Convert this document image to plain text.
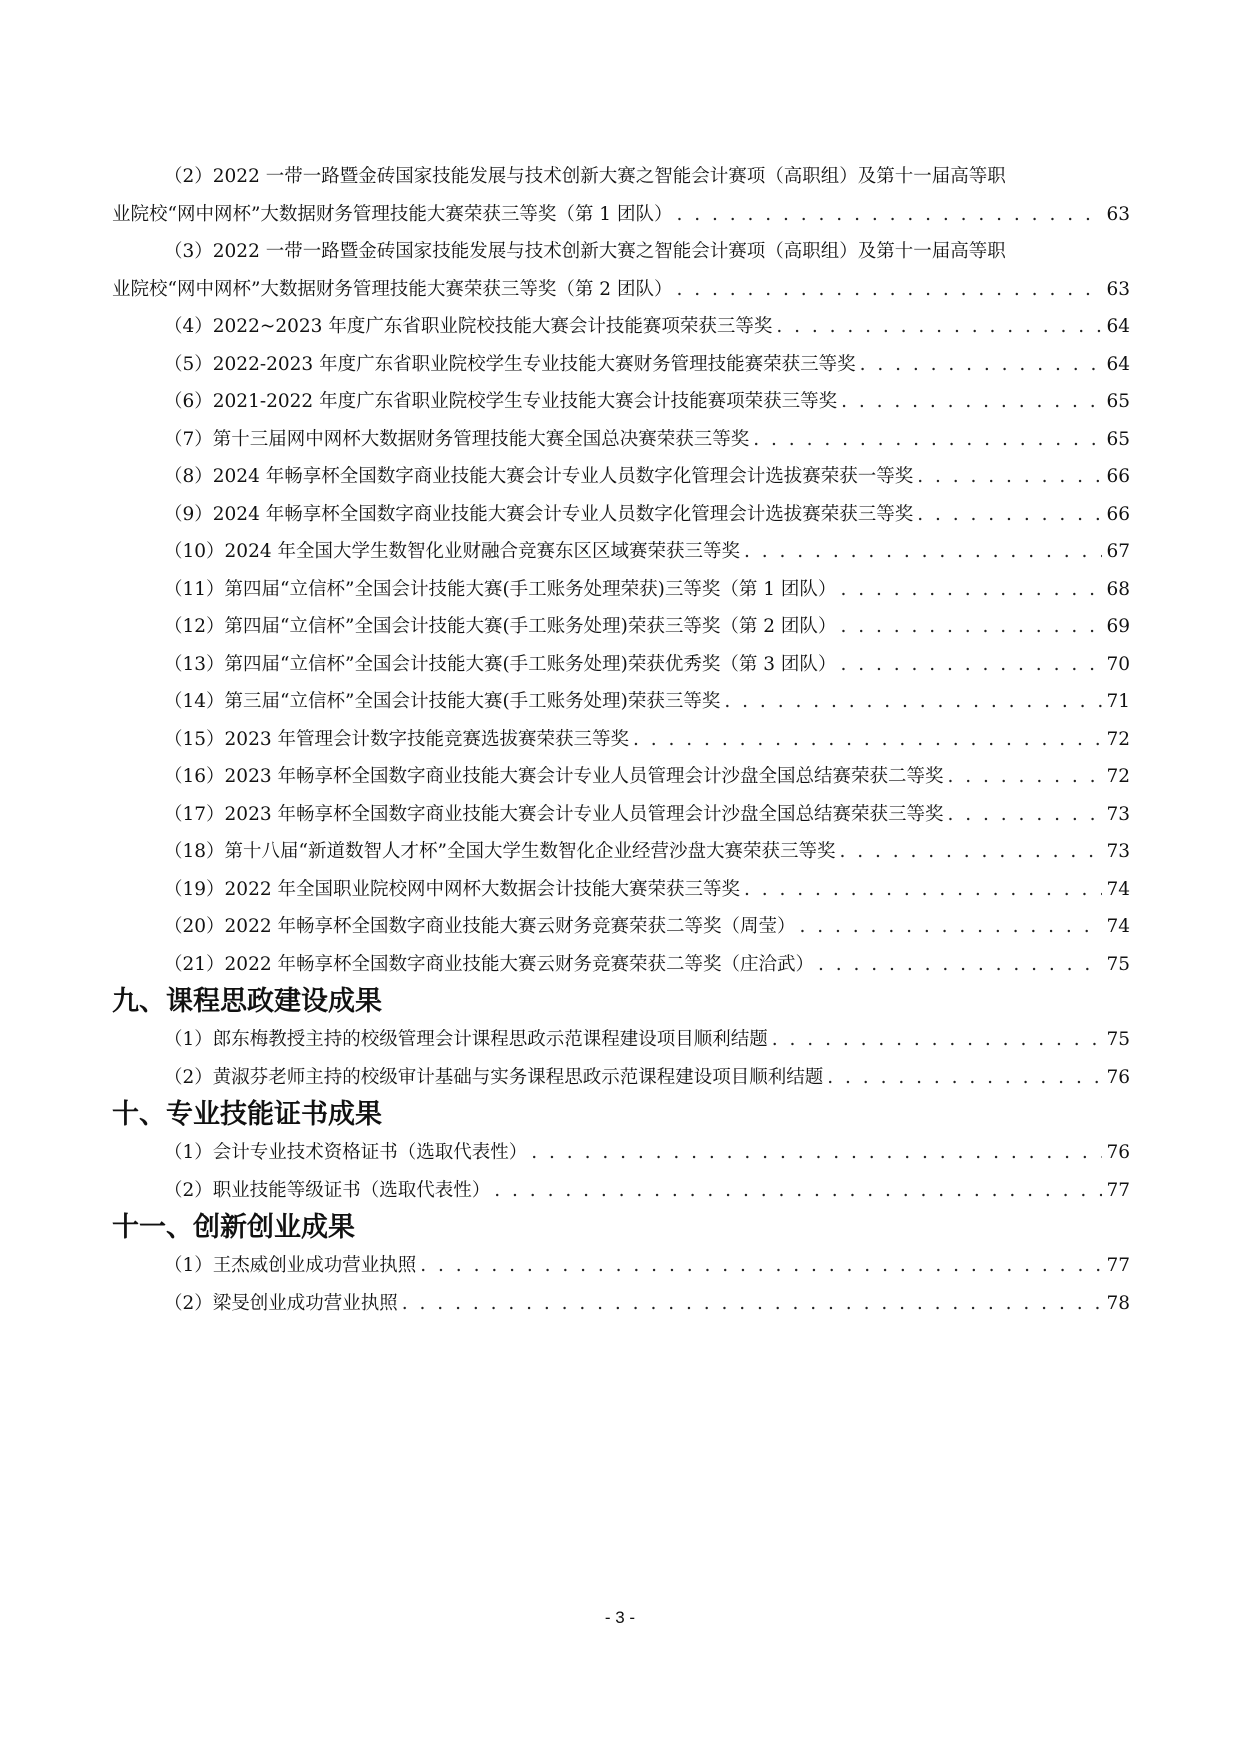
（2）2022 一带一路暨金砖国家技能发展与技术创新大赛之智能会计赛项（高职组）及第十一届高等职
业院校“网中网杯”大数据财务管理技能大赛荣获三等奖（第 1 团队） . . .	63
（3）2022 一带一路暨金砖国家技能发展与技术创新大赛之智能会计赛项（高职组）及第十一届高等职
业院校“网中网杯”大数据财务管理技能大赛荣获三等奖（第 2 团队） . . .	63
（4）2022~2023 年度广东省职业院校技能大赛会计技能赛项荣获三等奖 . . .	64
（5）2022-2023 年度广东省职业院校学生专业技能大赛财务管理技能赛荣获三等奖 . . .	64
（6）2021-2022 年度广东省职业院校学生专业技能大赛会计技能赛项荣获三等奖 . . .	65
（7）第十三届网中网杯大数据财务管理技能大赛全国总决赛荣获三等奖 . . .	65
（8）2024 年畅享杯全国数字商业技能大赛会计专业人员数字化管理会计选拔赛荣获一等奖 . . .	66
（9）2024 年畅享杯全国数字商业技能大赛会计专业人员数字化管理会计选拔赛荣获三等奖 . . .	66
（10）2024 年全国大学生数智化业财融合竞赛东区区域赛荣获三等奖 . . .	67
（11）第四届“立信杯”全国会计技能大赛(手工账务处理荣获)三等奖（第 1 团队） . . .	68
（12）第四届“立信杯”全国会计技能大赛(手工账务处理)荣获三等奖（第 2 团队） . . .	69
（13）第四届“立信杯”全国会计技能大赛(手工账务处理)荣获优秀奖（第 3 团队） . . .	70
（14）第三届“立信杯”全国会计技能大赛(手工账务处理)荣获三等奖 . . .	71
（15）2023 年管理会计数字技能竞赛选拔赛荣获三等奖 . . .	72
（16）2023 年畅享杯全国数字商业技能大赛会计专业人员管理会计沙盘全国总结赛荣获二等奖 . . .	72
（17）2023 年畅享杯全国数字商业技能大赛会计专业人员管理会计沙盘全国总结赛荣获三等奖 . . .	73
（18）第十八届“新道数智人才杯”全国大学生数智化企业经营沙盘大赛荣获三等奖 . . .	73
（19）2022 年全国职业院校网中网杯大数据会计技能大赛荣获三等奖 . . .	74
（20）2022 年畅享杯全国数字商业技能大赛云财务竞赛荣获二等奖（周莹） . . .	74
（21）2022 年畅享杯全国数字商业技能大赛云财务竞赛荣获二等奖（庄洽武） . . .	75
九、课程思政建设成果
（1）郎东梅教授主持的校级管理会计课程思政示范课程建设项目顺利结题 . . .	75
（2）黄淑芬老师主持的校级审计基础与实务课程思政示范课程建设项目顺利结题 . . .	76
十、专业技能证书成果
（1）会计专业技术资格证书（选取代表性） . . .	76
（2）职业技能等级证书（选取代表性） . . .	77
十一、创新创业成果
（1）王杰威创业成功营业执照 . . .	77
（2）梁旻创业成功营业执照 . . .	78
- 3 -
